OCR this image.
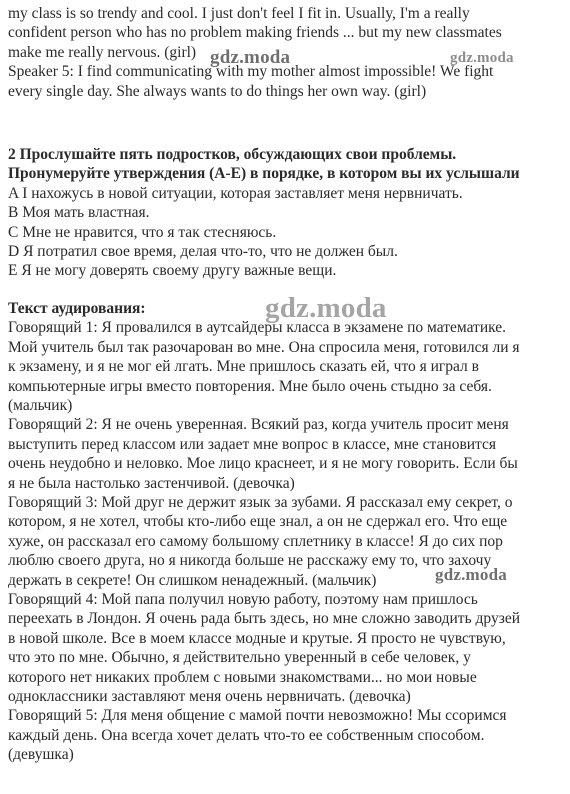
my class is so trendy and cool. I just don't feel I fit in. Usually, I'm a really
confident person who has no problem making friends ... but my new classmates
make me really nervous. (girl)
Speaker 5: I find communicating with my mother almost impossible! We fight
every single day. She always wants to do things her own way. (girl)
2 Прослушайте пять подростков, обсуждающих свои проблемы.
Пронумеруйте утверждения (А-Е) в порядке, в котором вы их услышали
A I нахожусь в новой ситуации, которая заставляет меня нервничать.
B Моя мать властная.
C Мне не нравится, что я так стесняюсь.
D Я потратил свое время, делая что-то, что не должен был.
E Я не могу доверять своему другу важные вещи.
Текст аудирования:
Говорящий 1: Я провалился в аутсайдеры класса в экзамене по математике.
Мой учитель был так разочарован во мне. Она спросила меня, готовился ли я
к экзамену, и я не мог ей лгать. Мне пришлось сказать ей, что я играл в
компьютерные игры вместо повторения. Мне было очень стыдно за себя.
(мальчик)
Говорящий 2: Я не очень уверенная. Всякий раз, когда учитель просит меня
выступить перед классом или задает мне вопрос в классе, мне становится
очень неудобно и неловко. Мое лицо краснеет, и я не могу говорить. Если бы
я не была настолько застенчивой. (девочка)
Говорящий 3: Мой друг не держит язык за зубами. Я рассказал ему секрет, о
котором, я не хотел, чтобы кто-либо еще знал, а он не сдержал его. Что еще
хуже, он рассказал его самому большому сплетнику в классе! Я до сих пор
люблю своего друга, но я никогда больше не расскажу ему то, что захочу
держать в секрете! Он слишком ненадежный. (мальчик)
Говорящий 4: Мой папа получил новую работу, поэтому нам пришлось
переехать в Лондон. Я очень рада быть здесь, но мне сложно заводить друзей
в новой школе. Все в моем классе модные и крутые. Я просто не чувствую,
что это по мне. Обычно, я действительно уверенный в себе человек, у
которого нет никаких проблем с новыми знакомствами... но мои новые
одноклассники заставляют меня очень нервничать. (девочка)
Говорящий 5: Для меня общение с мамой почти невозможно! Мы ссоримся
каждый день. Она всегда хочет делать что-то ее собственным способом.
(девушка)
gdz.moda	gdz.moda
gdz.moda
gdz.moda
